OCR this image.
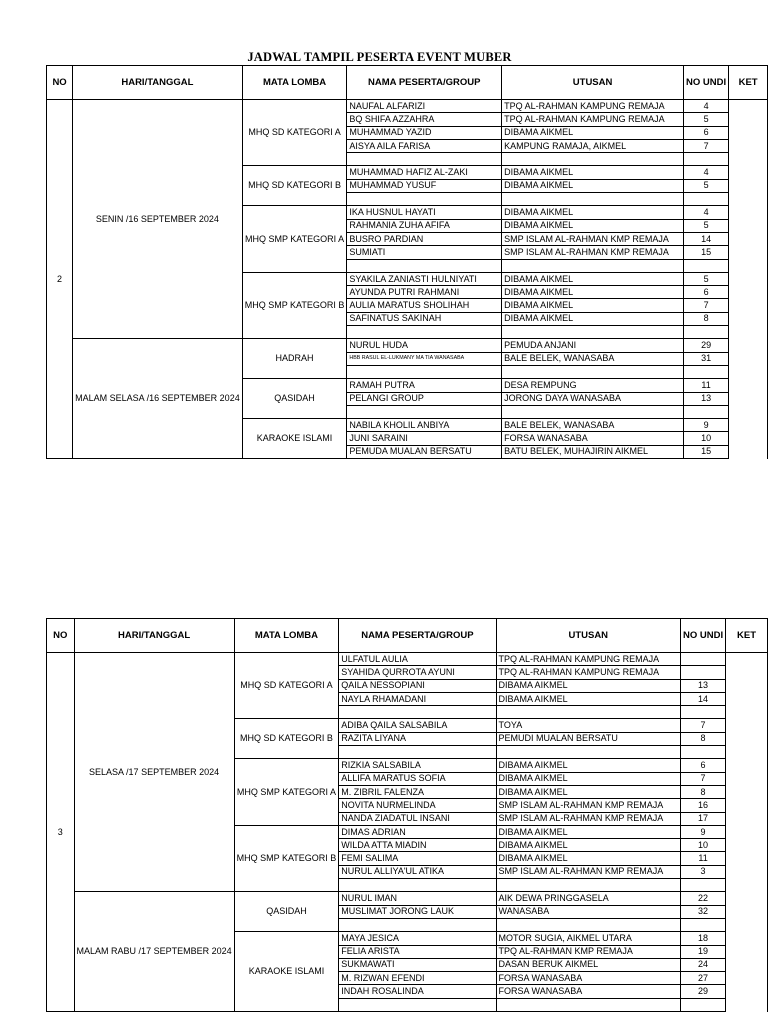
JADWAL TAMPIL PESERTA EVENT MUBER
NO	HARI/TANGGAL	MATA LOMBA	NAMA PESERTA/GROUP	UTUSAN	NO UNDI	KET
2	SENIN /16 SEPTEMBER 2024	MHQ SD KATEGORI A	NAUFAL ALFARIZI	TPQ AL-RAHMAN KAMPUNG REMAJA	4	
			BQ SHIFA AZZAHRA	TPQ AL-RAHMAN KAMPUNG REMAJA	5	
			MUHAMMAD YAZID	DIBAMA AIKMEL	6	
			AISYA AILA FARISA	KAMPUNG RAMAJA, AIKMEL	7	

		MHQ SD KATEGORI B	MUHAMMAD HAFIZ AL-ZAKI	DIBAMA AIKMEL	4	
			MUHAMMAD YUSUF	DIBAMA AIKMEL	5	

		MHQ SMP KATEGORI A	IKA HUSNUL HAYATI	DIBAMA AIKMEL	4	
			RAHMANIA ZUHA AFIFA	DIBAMA AIKMEL	5	
			BUSRO PARDIAN	SMP ISLAM AL-RAHMAN KMP REMAJA	14	
			SUMIATI	SMP ISLAM AL-RAHMAN KMP REMAJA	15	

		MHQ SMP KATEGORI B	SYAKILA ZANIASTI HULNIYATI	DIBAMA AIKMEL	5	
			AYUNDA PUTRI RAHMANI	DIBAMA AIKMEL	6	
			AULIA MARATUS SHOLIHAH	DIBAMA AIKMEL	7	
			SAFINATUS SAKINAH	DIBAMA AIKMEL	8	

	MALAM SELASA /16 SEPTEMBER 2024	HADRAH	NURUL HUDA	PEMUDA ANJANI	29	
			HBB RASUL EL-LUKMANY MA TIA WANASABA	BALE BELEK, WANASABA	31	

		QASIDAH	RAMAH PUTRA	DESA REMPUNG	11	
			PELANGI GROUP	JORONG DAYA WANASABA	13	

		KARAOKE ISLAMI	NABILA KHOLIL ANBIYA	BALE BELEK, WANASABA	9	
			JUNI SARAINI	FORSA WANASABA	10	
			PEMUDA MUALAN BERSATU	BATU BELEK, MUHAJIRIN AIKMEL	15	
NO	HARI/TANGGAL	MATA LOMBA	NAMA PESERTA/GROUP	UTUSAN	NO UNDI	KET
3	SELASA /17 SEPTEMBER 2024	MHQ SD KATEGORI A	ULFATUL AULIA	TPQ AL-RAHMAN KAMPUNG REMAJA		
			SYAHIDA QURROTA AYUNI	TPQ AL-RAHMAN KAMPUNG REMAJA		
			QAILA NESSOPIANI	DIBAMA AIKMEL	13	
			NAYLA RHAMADANI	DIBAMA AIKMEL	14	

		MHQ SD KATEGORI B	ADIBA QAILA SALSABILA	TOYA	7	
			RAZITA LIYANA	PEMUDI MUALAN BERSATU	8	

		MHQ SMP KATEGORI A	RIZKIA SALSABILA	DIBAMA AIKMEL	6	
			ALLIFA MARATUS SOFIA	DIBAMA AIKMEL	7	
			M. ZIBRIL FALENZA	DIBAMA AIKMEL	8	
			NOVITA NURMELINDA	SMP ISLAM AL-RAHMAN KMP REMAJA	16	
			NANDA ZIADATUL INSANI	SMP ISLAM AL-RAHMAN KMP REMAJA	17	
		MHQ SMP KATEGORI B	DIMAS ADRIAN	DIBAMA AIKMEL	9	
			WILDA ATTA MIADIN	DIBAMA AIKMEL	10	
			FEMI SALIMA	DIBAMA AIKMEL	11	
			NURUL ALLIYA'UL ATIKA	SMP ISLAM AL-RAHMAN KMP REMAJA	3	

	MALAM RABU /17 SEPTEMBER 2024	QASIDAH	NURUL IMAN	AIK DEWA PRINGGASELA	22	
			MUSLIMAT JORONG LAUK	WANASABA	32	

		KARAOKE ISLAMI	MAYA JESICA	MOTOR SUGIA, AIKMEL UTARA	18	
			FELIA ARISTA	TPQ AL-RAHMAN KMP REMAJA	19	
			SUKMAWATI	DASAN BERUK AIKMEL	24	
			M. RIZWAN EFENDI	FORSA WANASABA	27	
			INDAH ROSALINDA	FORSA WANASABA	29	
